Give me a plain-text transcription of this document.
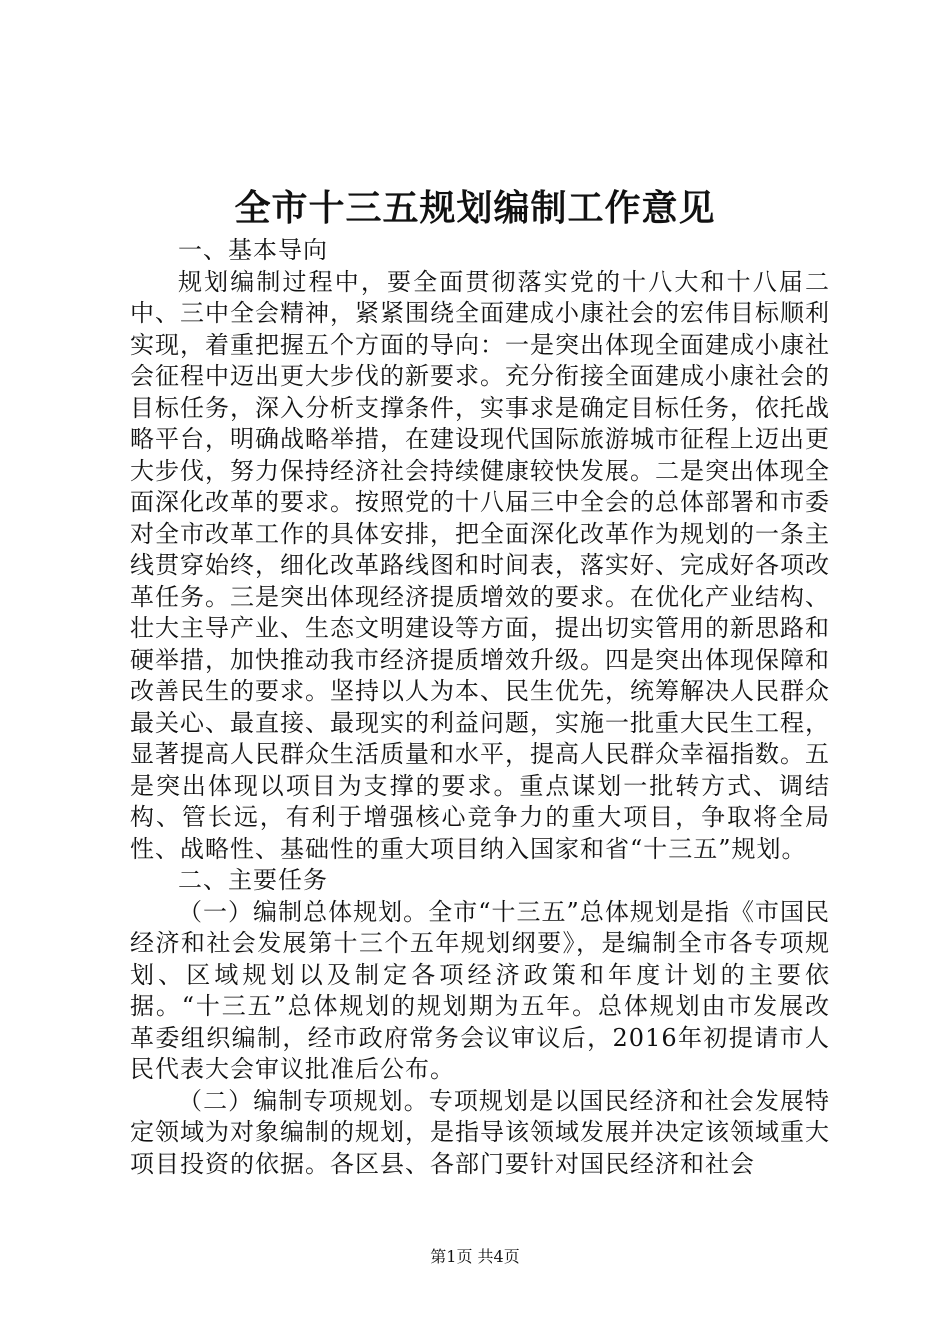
全市十三五规划编制工作意见

一、基本导向

规划编制过程中，要全面贯彻落实党的十八大和十八届二中、三中全会精神，紧紧围绕全面建成小康社会的宏伟目标顺利实现，着重把握五个方面的导向：一是突出体现全面建成小康社会征程中迈出更大步伐的新要求。充分衔接全面建成小康社会的目标任务，深入分析支撑条件，实事求是确定目标任务，依托战略平台，明确战略举措，在建设现代国际旅游城市征程上迈出更大步伐，努力保持经济社会持续健康较快发展。二是突出体现全面深化改革的要求。按照党的十八届三中全会的总体部署和市委对全市改革工作的具体安排，把全面深化改革作为规划的一条主线贯穿始终，细化改革路线图和时间表，落实好、完成好各项改革任务。三是突出体现经济提质增效的要求。在优化产业结构、壮大主导产业、生态文明建设等方面，提出切实管用的新思路和硬举措，加快推动我市经济提质增效升级。四是突出体现保障和改善民生的要求。坚持以人为本、民生优先，统筹解决人民群众最关心、最直接、最现实的利益问题，实施一批重大民生工程，显著提高人民群众生活质量和水平，提高人民群众幸福指数。五是突出体现以项目为支撑的要求。重点谋划一批转方式、调结构、管长远，有利于增强核心竞争力的重大项目，争取将全局性、战略性、基础性的重大项目纳入国家和省“十三五”规划。

二、主要任务

（一）编制总体规划。全市“十三五”总体规划是指《市国民经济和社会发展第十三个五年规划纲要》，是编制全市各专项规划、区域规划以及制定各项经济政策和年度计划的主要依据。“十三五”总体规划的规划期为五年。总体规划由市发展改革委组织编制，经市政府常务会议审议后，2016年初提请市人民代表大会审议批准后公布。

（二）编制专项规划。专项规划是以国民经济和社会发展特定领域为对象编制的规划，是指导该领域发展并决定该领域重大项目投资的依据。各区县、各部门要针对国民经济和社会

第1页 共4页
